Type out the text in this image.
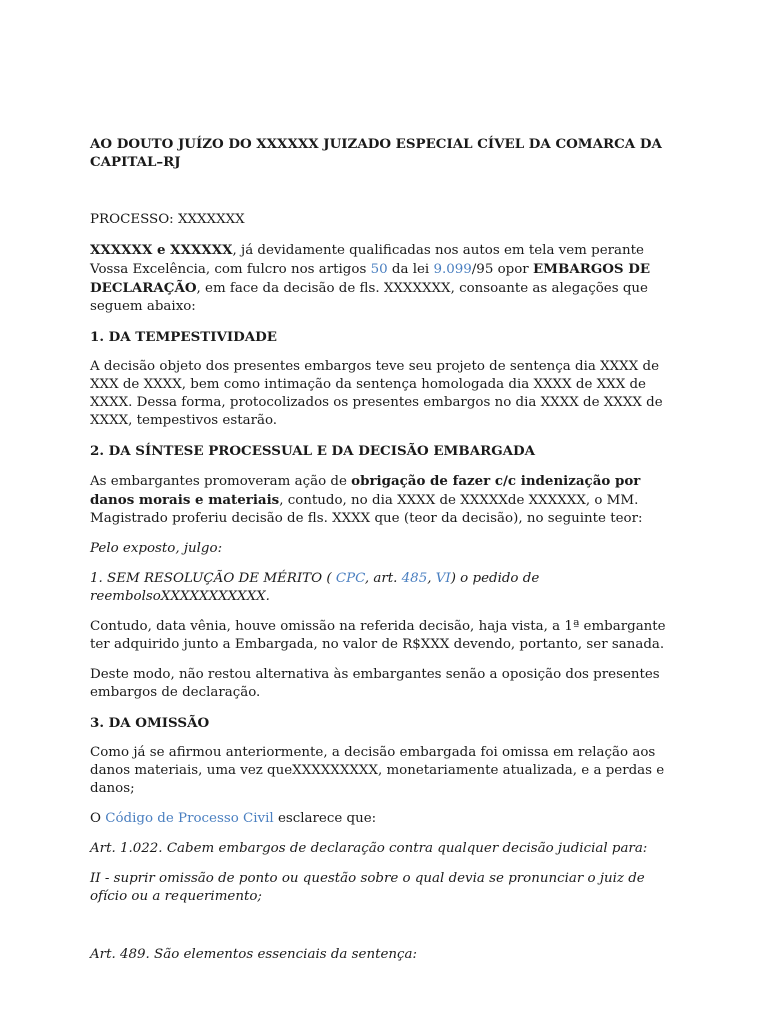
AO DOUTO JUÍZO DO XXXXXX JUIZADO ESPECIAL CÍVEL DA COMARCA DA CAPITAL–RJ

PROCESSO: XXXXXXX

XXXXXX e XXXXXX, já devidamente qualificadas nos autos em tela vem perante Vossa Excelência, com fulcro nos artigos 50 da lei 9.099/95 opor EMBARGOS DE DECLARAÇÃO, em face da decisão de fls. XXXXXXX, consoante as alegações que seguem abaixo:

1. DA TEMPESTIVIDADE

A decisão objeto dos presentes embargos teve seu projeto de sentença dia XXXX de XXX de XXXX, bem como intimação da sentença homologada dia XXXX de XXX de XXXX. Dessa forma, protocolizados os presentes embargos no dia XXXX de XXXX de XXXX, tempestivos estarão.

2. DA SÍNTESE PROCESSUAL E DA DECISÃO EMBARGADA

As embargantes promoveram ação de obrigação de fazer c/c indenização por danos morais e materiais, contudo, no dia XXXX de XXXXXde XXXXXX, o MM. Magistrado proferiu decisão de fls. XXXX que (teor da decisão), no seguinte teor:

Pelo exposto, julgo:

1. SEM RESOLUÇÃO DE MÉRITO ( CPC, art. 485, VI) o pedido de reembolsoXXXXXXXXXXX.

Contudo, data vênia, houve omissão na referida decisão, haja vista, a 1ª embargante ter adquirido junto a Embargada, no valor de R$XXX devendo, portanto, ser sanada.

Deste modo, não restou alternativa às embargantes senão a oposição dos presentes embargos de declaração.

3. DA OMISSÃO

Como já se afirmou anteriormente, a decisão embargada foi omissa em relação aos danos materiais, uma vez queXXXXXXXXX, monetariamente atualizada, e a perdas e danos;

O Código de Processo Civil esclarece que:

Art. 1.022. Cabem embargos de declaração contra qualquer decisão judicial para:

II - suprir omissão de ponto ou questão sobre o qual devia se pronunciar o juiz de ofício ou a requerimento;

Art. 489. São elementos essenciais da sentença:
